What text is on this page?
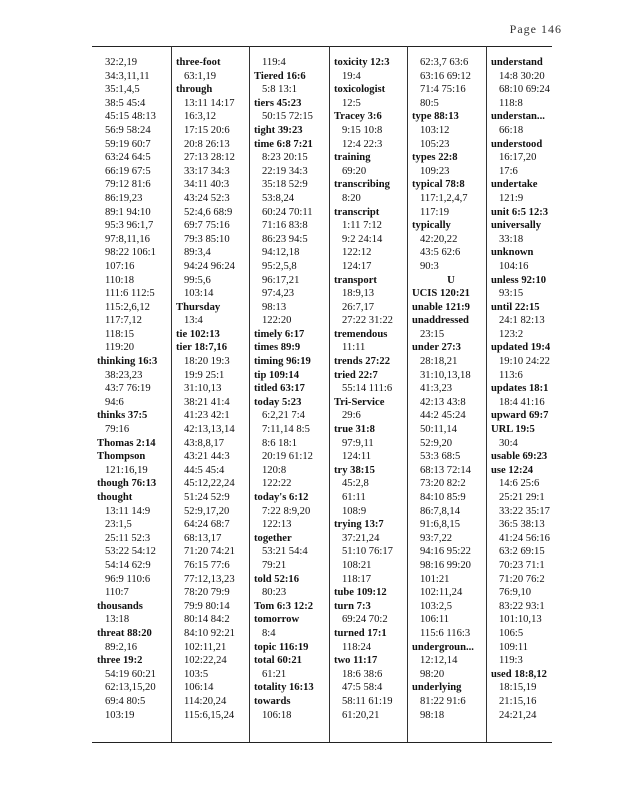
Page 146
32:2,19
34:3,11,11
35:1,4,5
38:5 45:4
45:15 48:13
56:9 58:24
59:19 60:7
63:24 64:5
66:19 67:5
79:12 81:6
86:19,23
89:1 94:10
95:3 96:1,7
97:8,11,16
98:22 106:1
107:16
110:18
111:6 112:5
115:2,6,12
117:7,12
118:15
119:20
thinking 16:3
38:23,23
43:7 76:19
94:6
thinks 37:5
79:16
Thomas 2:14
Thompson
121:16,19
though 76:13
thought
13:11 14:9
23:1,5
25:11 52:3
53:22 54:12
54:14 62:9
96:9 110:6
110:7
thousands
13:18
threat 88:20
89:2,16
three 19:2
54:19 60:21
62:13,15,20
69:4 80:5
103:19
three-foot
63:1,19
through
13:11 14:17
16:3,12
17:15 20:6
20:8 26:13
27:13 28:12
33:17 34:3
34:11 40:3
43:24 52:3
52:4,6 68:9
69:7 75:16
79:3 85:10
89:3,4
94:24 96:24
99:5,6
103:14
Thursday
13:4
tie 102:13
tier 18:7,16
18:20 19:3
19:9 25:1
31:10,13
38:21 41:4
41:23 42:1
42:13,13,14
43:8,8,17
43:21 44:3
44:5 45:4
45:12,22,24
51:24 52:9
52:9,17,20
64:24 68:7
68:13,17
71:20 74:21
76:15 77:6
77:12,13,23
78:20 79:9
79:9 80:14
80:14 84:2
84:10 92:21
102:11,21
102:22,24
103:5
106:14
114:20,24
115:6,15,24
119:4
Tiered 16:6
5:8 13:1
tiers 45:23
50:15 72:15
tight 39:23
time 6:8 7:21
8:23 20:15
22:19 34:3
35:18 52:9
53:8,24
60:24 70:11
71:16 83:8
86:23 94:5
94:12,18
95:2,5,8
96:17,21
97:4,23
98:13
122:20
timely 6:17
times 89:9
timing 96:19
tip 109:14
titled 63:17
today 5:23
6:2,21 7:4
7:11,14 8:5
8:6 18:1
20:19 61:12
120:8
122:22
today's 6:12
7:22 8:9,20
122:13
together
53:21 54:4
79:21
told 52:16
80:23
Tom 6:3 12:2
tomorrow
8:4
topic 116:19
total 60:21
61:21
totality 16:13
towards
106:18
toxicity 12:3
19:4
toxicologist
12:5
Tracey 3:6
9:15 10:8
12:4 22:3
training
69:20
transcribing
8:20
transcript
1:11 7:12
9:2 24:14
122:12
124:17
transport
18:9,13
26:7,17
27:22 31:22
tremendous
11:11
trends 27:22
tried 22:7
55:14 111:6
Tri-Service
29:6
true 31:8
97:9,11
124:11
try 38:15
45:2,8
61:11
108:9
trying 13:7
37:21,24
51:10 76:17
108:21
118:17
tube 109:12
turn 7:3
69:24 70:2
turned 17:1
118:24
two 11:17
18:6 38:6
47:5 58:4
58:11 61:19
61:20,21
62:3,7 63:6
63:16 69:12
71:4 75:16
80:5
type 88:13
103:12
105:23
types 22:8
109:23
typical 78:8
117:1,2,4,7
117:19
typically
42:20,22
43:5 62:6
90:3
U
UCIS 120:21
unable 121:9
unaddressed
23:15
under 27:3
28:18,21
31:10,13,18
41:3,23
42:13 43:8
44:2 45:24
50:11,14
52:9,20
53:3 68:5
68:13 72:14
73:20 82:2
84:10 85:9
86:7,8,14
91:6,8,15
93:7,22
94:16 95:22
98:16 99:20
101:21
102:11,24
103:2,5
106:11
115:6 116:3
undergroun...
12:12,14
98:20
underlying
81:22 91:6
98:18
understand
14:8 30:20
68:10 69:24
118:8
understan...
66:18
understood
16:17,20
17:6
undertake
121:9
unit 6:5 12:3
universally
33:18
unknown
104:16
unless 92:10
93:15
until 22:15
24:1 82:13
123:2
updated 19:4
19:10 24:22
113:6
updates 18:1
18:4 41:16
upward 69:7
URL 19:5
30:4
usable 69:23
use 12:24
14:6 25:6
25:21 29:1
33:22 35:17
36:5 38:13
41:24 56:16
63:2 69:15
70:23 71:1
71:20 76:2
76:9,10
83:22 93:1
101:10,13
106:5
109:11
119:3
used 18:8,12
18:15,19
21:15,16
24:21,24
